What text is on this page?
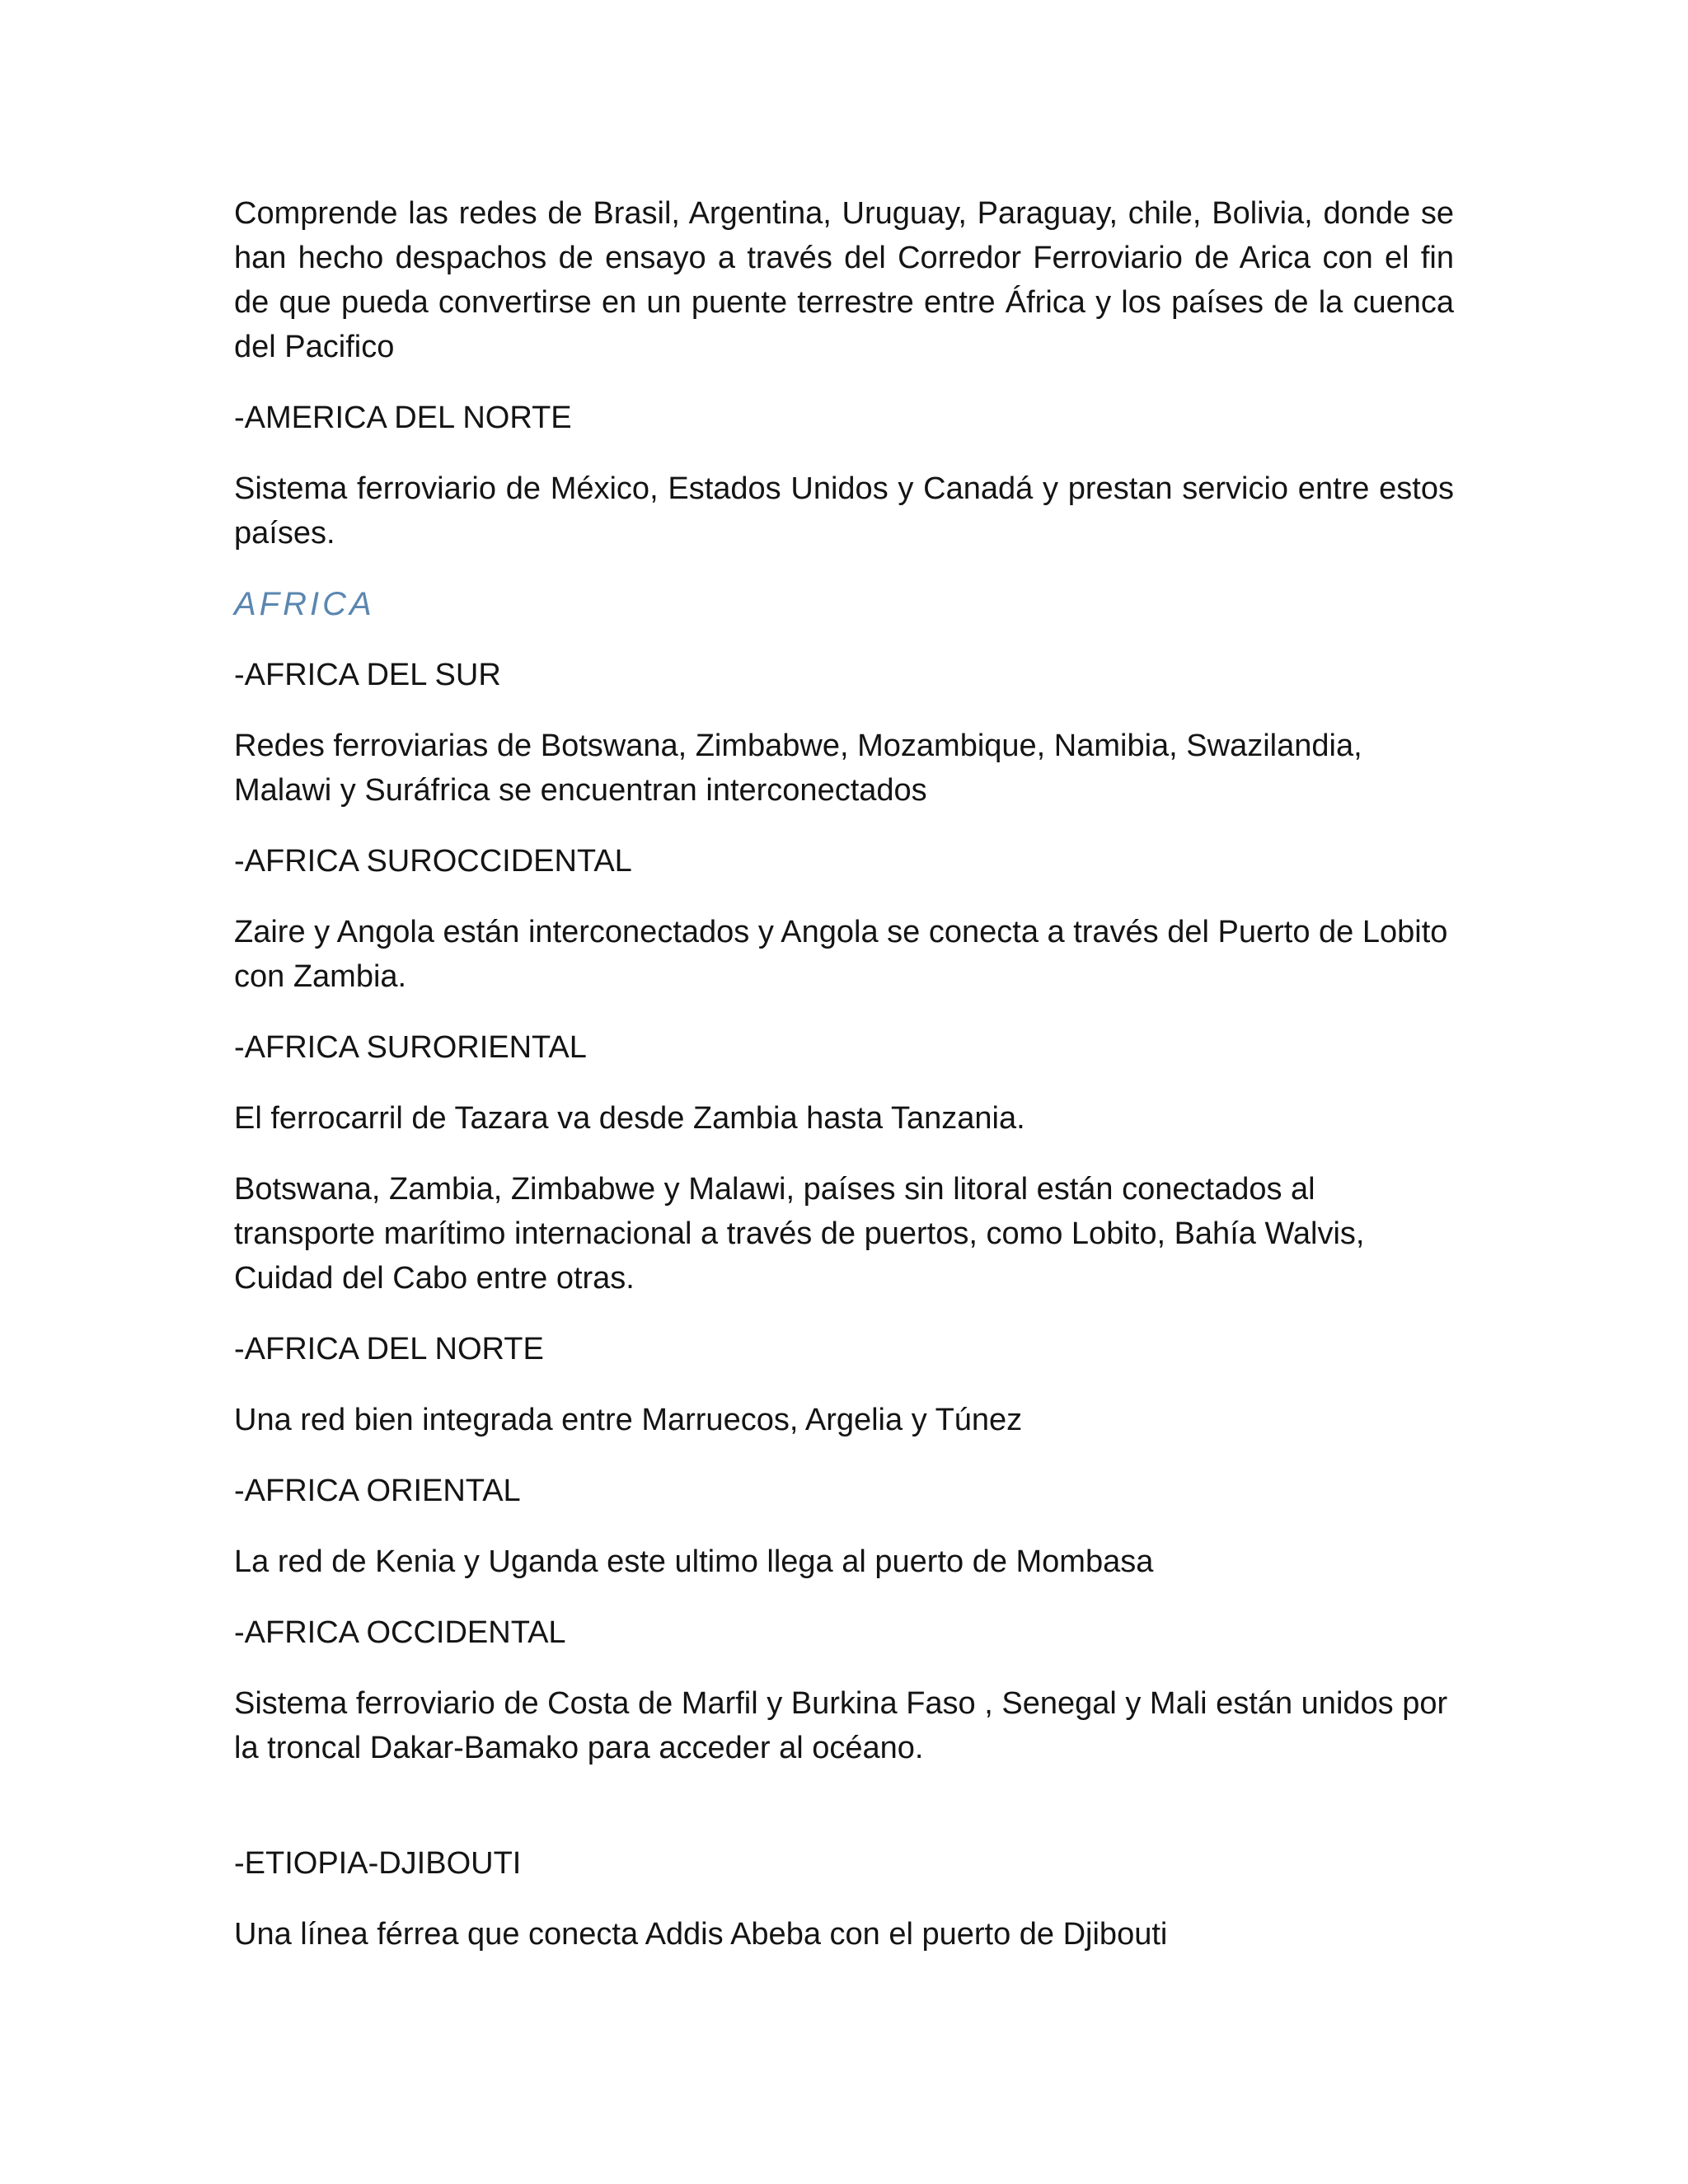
Comprende las redes de Brasil, Argentina, Uruguay, Paraguay, chile, Bolivia, donde se han hecho despachos de ensayo a través del Corredor Ferroviario de Arica con el fin de que pueda convertirse en un puente terrestre entre África y los países de la cuenca del Pacifico

-AMERICA DEL NORTE

Sistema ferroviario de México, Estados Unidos y Canadá y prestan servicio entre estos países.

AFRICA

-AFRICA DEL SUR

Redes ferroviarias de Botswana, Zimbabwe, Mozambique, Namibia, Swazilandia, Malawi y Suráfrica se encuentran interconectados

-AFRICA SUROCCIDENTAL

Zaire y Angola están interconectados y Angola se conecta a través del Puerto de Lobito con Zambia.

-AFRICA SURORIENTAL

El ferrocarril de Tazara va desde Zambia hasta Tanzania.

Botswana, Zambia, Zimbabwe y Malawi, países sin litoral están conectados al transporte marítimo internacional a través de puertos, como Lobito, Bahía Walvis, Cuidad del Cabo entre otras.

-AFRICA DEL NORTE

Una red bien integrada entre Marruecos, Argelia y Túnez

-AFRICA ORIENTAL

La red de Kenia y Uganda este ultimo llega al puerto de Mombasa

-AFRICA OCCIDENTAL

Sistema ferroviario de Costa de Marfil y Burkina Faso , Senegal y Mali están unidos por la troncal Dakar-Bamako para acceder al océano.

-ETIOPIA-DJIBOUTI

Una línea férrea que conecta Addis Abeba con el puerto de Djibouti
